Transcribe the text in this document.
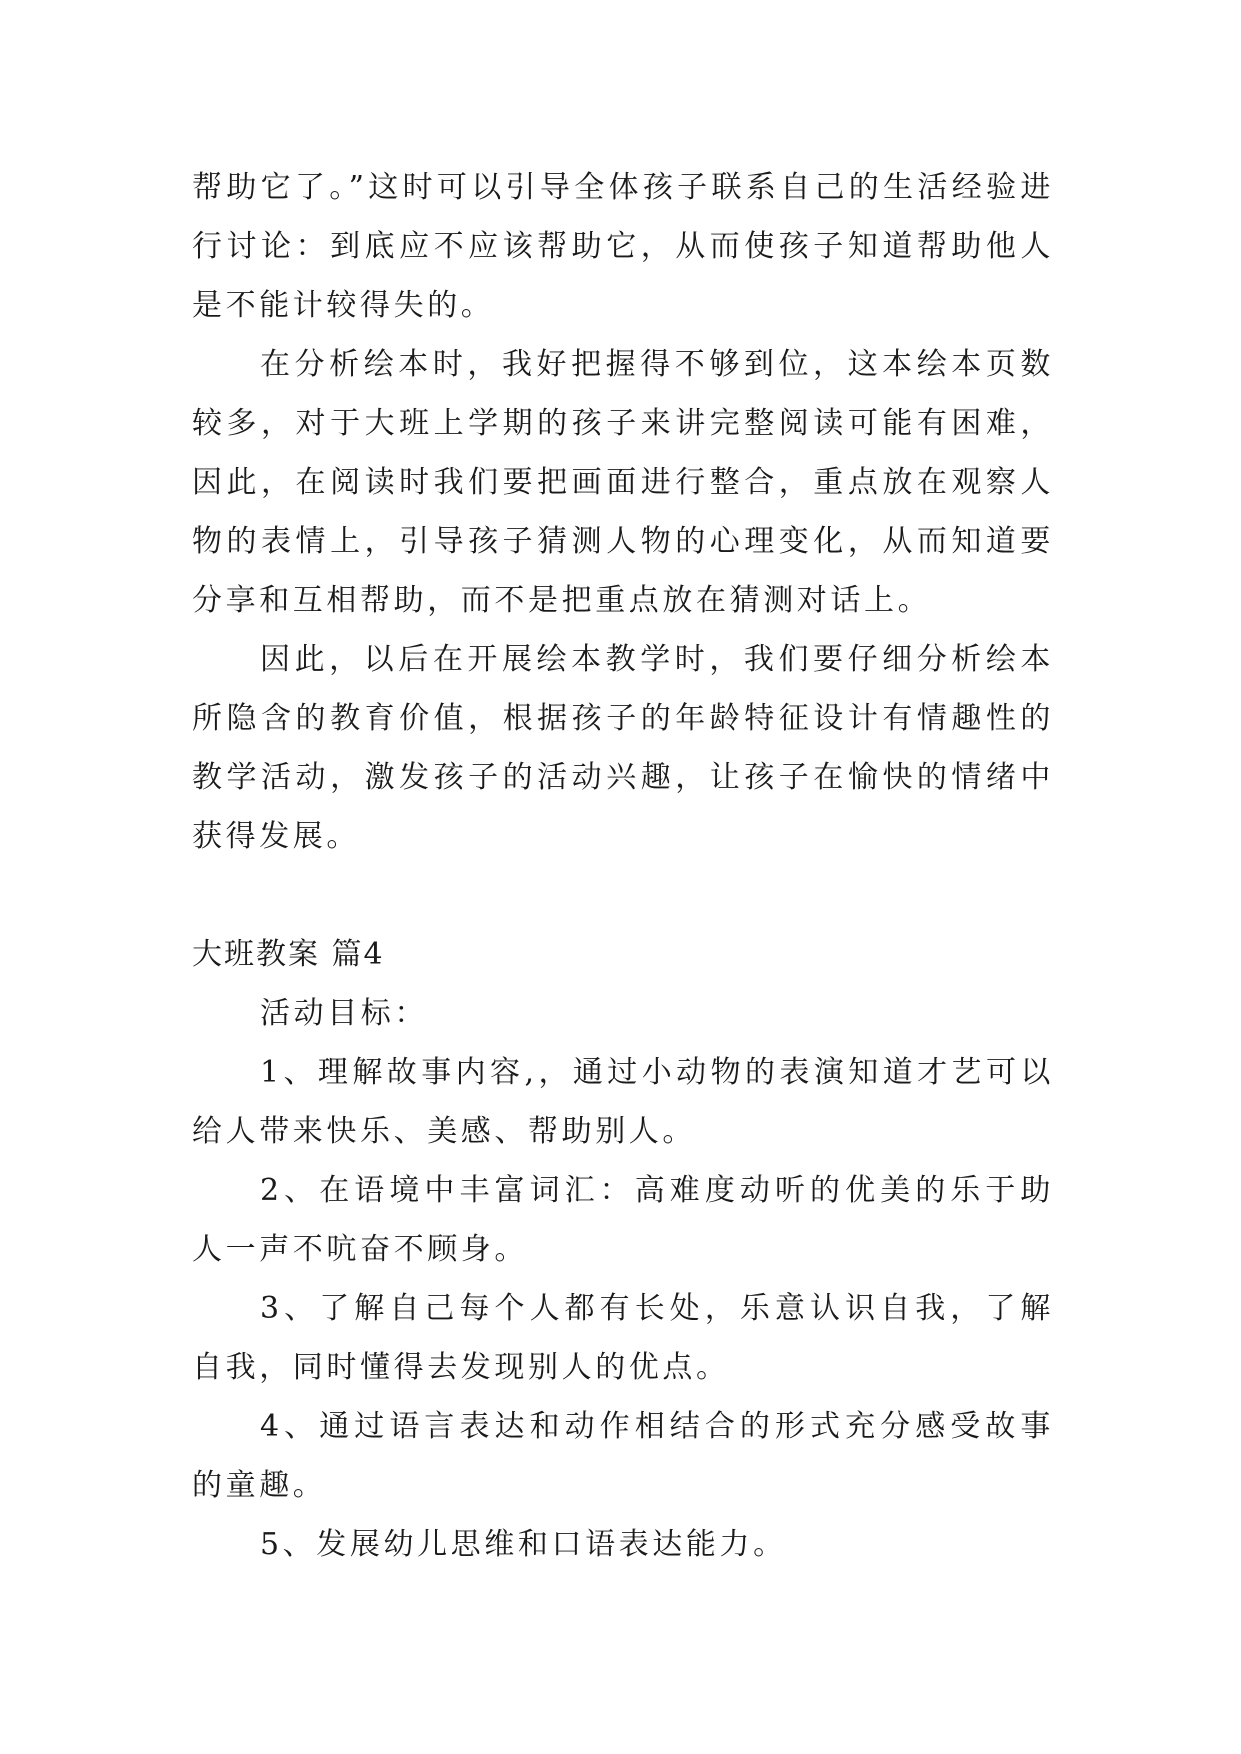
帮助它了。”这时可以引导全体孩子联系自己的生活经验进行讨论：到底应不应该帮助它，从而使孩子知道帮助他人是不能计较得失的。

在分析绘本时，我好把握得不够到位，这本绘本页数较多，对于大班上学期的孩子来讲完整阅读可能有困难，因此，在阅读时我们要把画面进行整合，重点放在观察人物的表情上，引导孩子猜测人物的心理变化，从而知道要分享和互相帮助，而不是把重点放在猜测对话上。

因此，以后在开展绘本教学时，我们要仔细分析绘本所隐含的教育价值，根据孩子的年龄特征设计有情趣性的教学活动，激发孩子的活动兴趣，让孩子在愉快的情绪中获得发展。

大班教案 篇4

活动目标：

1、理解故事内容,，通过小动物的表演知道才艺可以给人带来快乐、美感、帮助别人。

2、在语境中丰富词汇：高难度动听的优美的乐于助人一声不吭奋不顾身。

3、了解自己每个人都有长处，乐意认识自我，了解自我，同时懂得去发现别人的优点。

4、通过语言表达和动作相结合的形式充分感受故事的童趣。

5、发展幼儿思维和口语表达能力。
